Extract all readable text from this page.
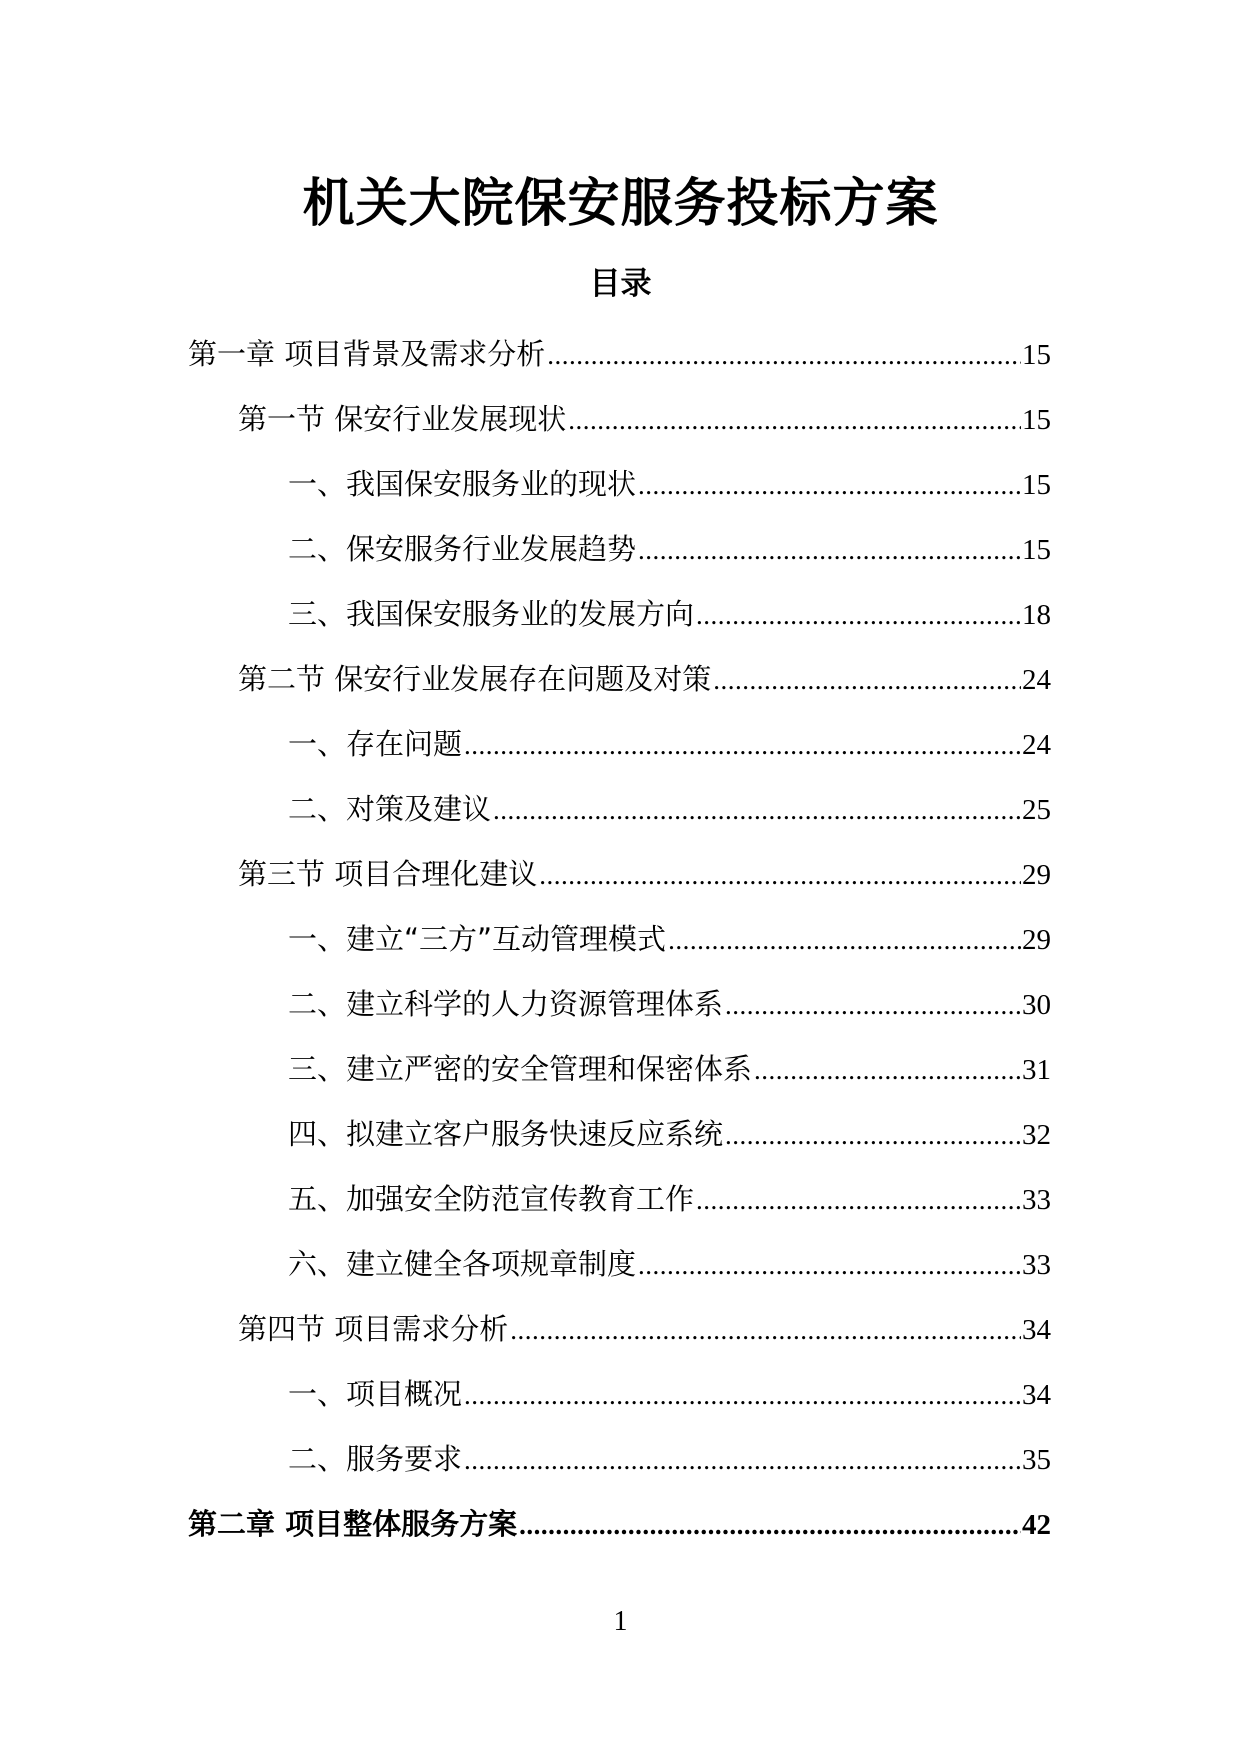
机关大院保安服务投标方案
目录
第一章 项目背景及需求分析 .....	15
第一节 保安行业发展现状 .....	15
一、我国保安服务业的现状 .....	15
二、保安服务行业发展趋势 .....	15
三、我国保安服务业的发展方向 .....	18
第二节 保安行业发展存在问题及对策 .....	24
一、存在问题 .....	24
二、对策及建议 .....	25
第三节 项目合理化建议 .....	29
一、建立“三方”互动管理模式 .....	29
二、建立科学的人力资源管理体系 .....	30
三、建立严密的安全管理和保密体系 .....	31
四、拟建立客户服务快速反应系统 .....	32
五、加强安全防范宣传教育工作 .....	33
六、建立健全各项规章制度 .....	33
第四节 项目需求分析 .....	34
一、项目概况 .....	34
二、服务要求 .....	35
第二章 项目整体服务方案 .....	42
1
